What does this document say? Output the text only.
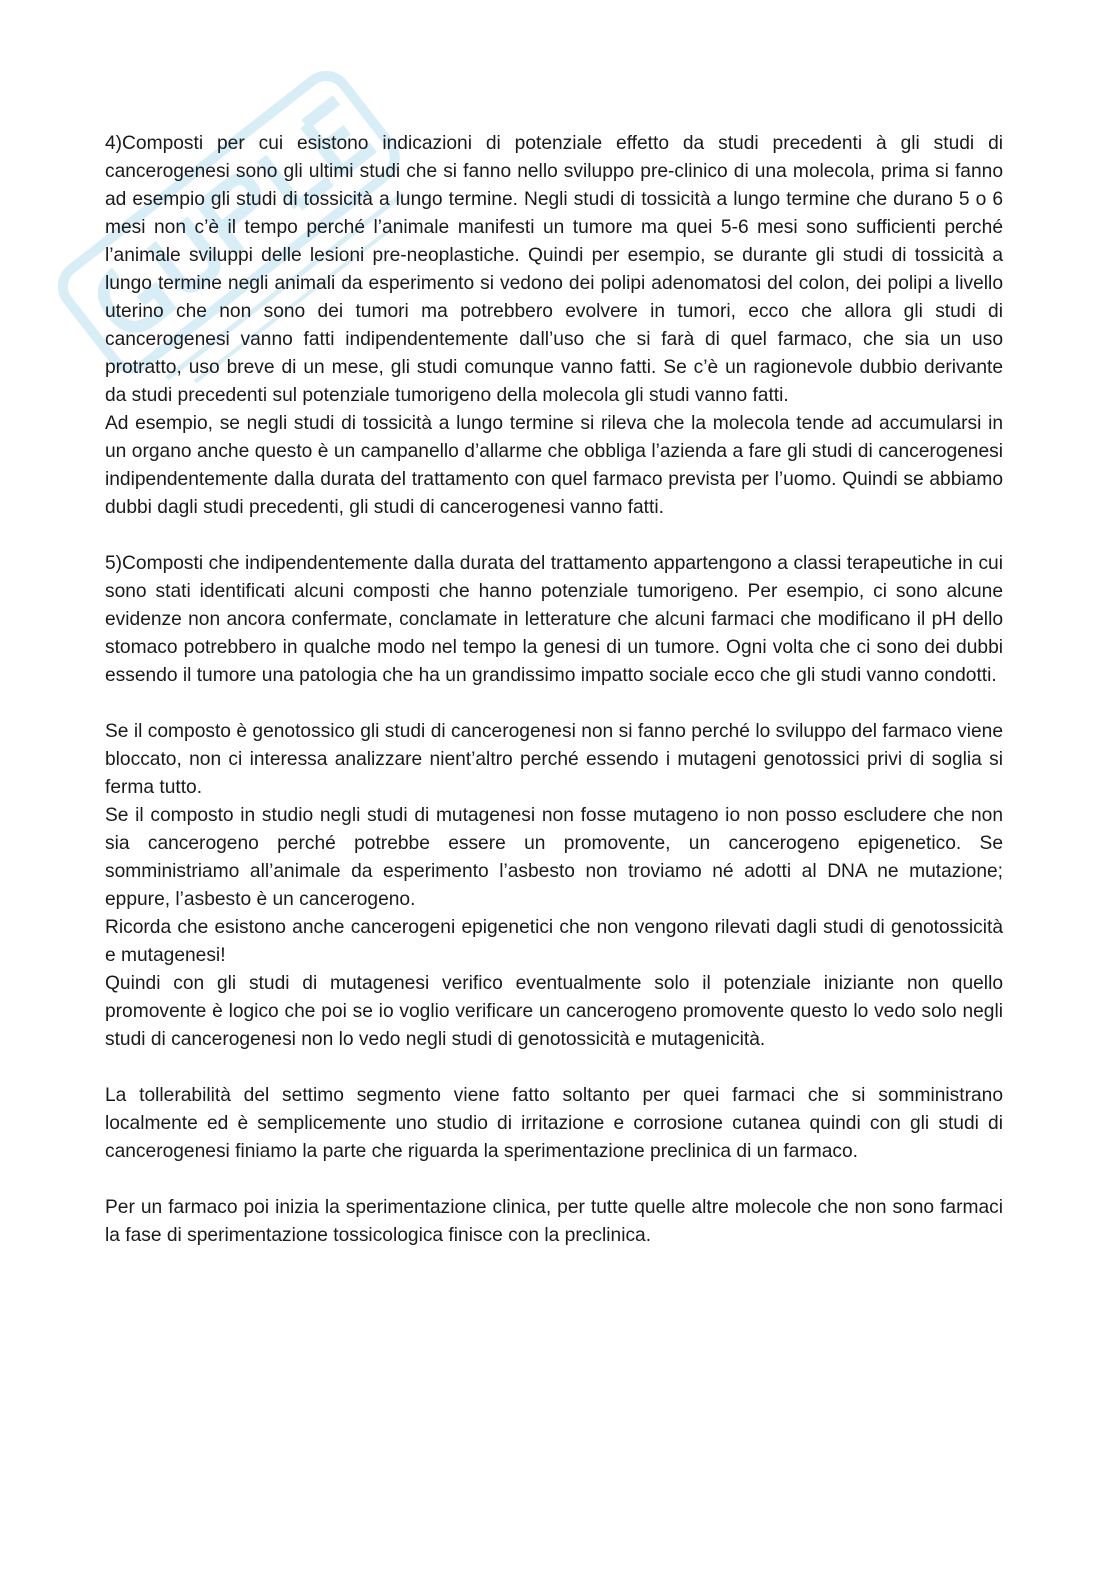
4)Composti per cui esistono indicazioni di potenziale effetto da studi precedenti à gli studi di cancerogenesi sono gli ultimi studi che si fanno nello sviluppo pre-clinico di una molecola, prima si fanno ad esempio gli studi di tossicità a lungo termine. Negli studi di tossicità a lungo termine che durano 5 o 6 mesi non c’è il tempo perché l’animale manifesti un tumore ma quei 5-6 mesi sono sufficienti perché l’animale sviluppi delle lesioni pre-neoplastiche. Quindi per esempio, se durante gli studi di tossicità a lungo termine negli animali da esperimento si vedono dei polipi adenomatosi del colon, dei polipi a livello uterino che non sono dei tumori ma potrebbero evolvere in tumori, ecco che allora gli studi di cancerogenesi vanno fatti indipendentemente dall’uso che si farà di quel farmaco, che sia un uso protratto, uso breve di un mese, gli studi comunque vanno fatti. Se c’è un ragionevole dubbio derivante da studi precedenti sul potenziale tumorigeno della molecola gli studi vanno fatti.

Ad esempio, se negli studi di tossicità a lungo termine si rileva che la molecola tende ad accumularsi in un organo anche questo è un campanello d’allarme che obbliga l’azienda a fare gli studi di cancerogenesi indipendentemente dalla durata del trattamento con quel farmaco prevista per l’uomo. Quindi se abbiamo dubbi dagli studi precedenti, gli studi di cancerogenesi vanno fatti.

5)Composti che indipendentemente dalla durata del trattamento appartengono a classi terapeutiche in cui sono stati identificati alcuni composti che hanno potenziale tumorigeno. Per esempio, ci sono alcune evidenze non ancora confermate, conclamate in letterature che alcuni farmaci che modificano il pH dello stomaco potrebbero in qualche modo nel tempo la genesi di un tumore. Ogni volta che ci sono dei dubbi essendo il tumore una patologia che ha un grandissimo impatto sociale ecco che gli studi vanno condotti.

Se il composto è genotossico gli studi di cancerogenesi non si fanno perché lo sviluppo del farmaco viene bloccato, non ci interessa analizzare nient’altro perché essendo i mutageni genotossici privi di soglia si ferma tutto.

Se il composto in studio negli studi di mutagenesi non fosse mutageno io non posso escludere che non sia cancerogeno perché potrebbe essere un promovente, un cancerogeno epigenetico. Se somministriamo all’animale da esperimento l’asbesto non troviamo né adotti al DNA ne mutazione; eppure, l’asbesto è un cancerogeno.

Ricorda che esistono anche cancerogeni epigenetici che non vengono rilevati dagli studi di genotossicità e mutagenesi!

Quindi con gli studi di mutagenesi verifico eventualmente solo il potenziale iniziante non quello promovente è logico che poi se io voglio verificare un cancerogeno promovente questo lo vedo solo negli studi di cancerogenesi non lo vedo negli studi di genotossicità e mutagenicità.

La tollerabilità del settimo segmento viene fatto soltanto per quei farmaci che si somministrano localmente ed è semplicemente uno studio di irritazione e corrosione cutanea quindi con gli studi di cancerogenesi finiamo la parte che riguarda la sperimentazione preclinica di un farmaco.

Per un farmaco poi inizia la sperimentazione clinica, per tutte quelle altre molecole che non sono farmaci la fase di sperimentazione tossicologica finisce con la preclinica.
